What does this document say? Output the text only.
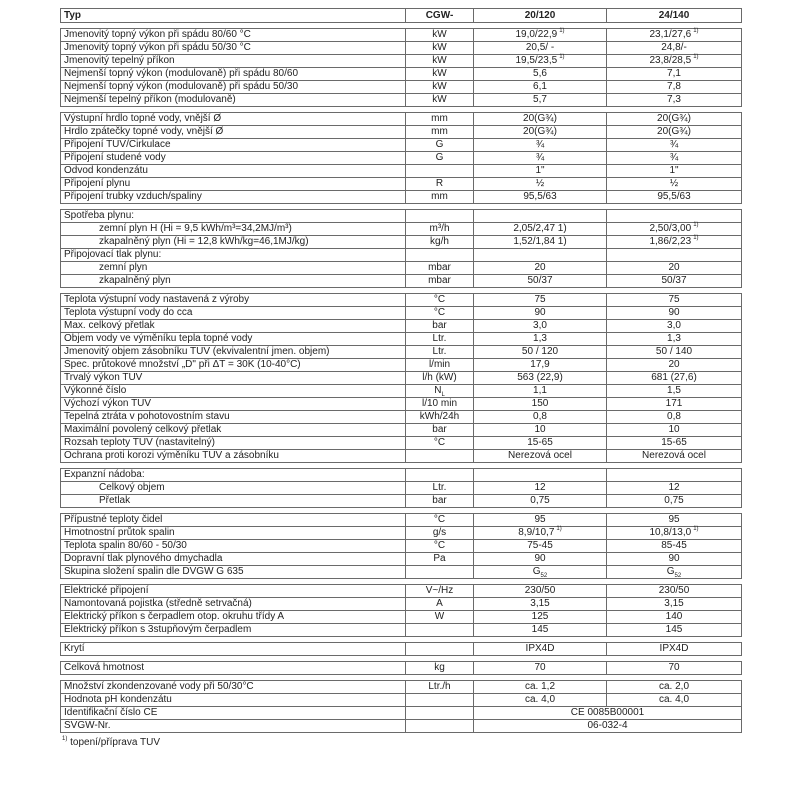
Typ	CGW-	20/120	24/140

Jmenovitý topný výkon při spádu 80/60 °C	kW	19,0/22,9 $^{1)}$	23,1/27,6 $^{1)}$
Jmenovitý topný výkon při spádu 50/30 °C	kW	20,5/ -	24,8/-
Jmenovitý tepelný příkon	kW	19,5/23,5 $^{1)}$	23,8/28,5 $^{1)}$
Nejmenší topný výkon (modulovaně) při spádu 80/60	kW	5,6	7,1
Nejmenší topný výkon (modulovaně) při spádu 50/30	kW	6,1	7,8
Nejmenší tepelný příkon (modulovaně)	kW	5,7	7,3

Výstupní hrdlo topné vody, vnější Ø	mm	20(G¾)	20(G¾)
Hrdlo zpátečky topné vody, vnější Ø	mm	20(G¾)	20(G¾)
Připojení TUV/Cirkulace	G	¾	¾
Připojení studené vody	G	¾	¾
Odvod kondenzátu		1"	1"
Připojení plynu	R	½	½
Připojení trubky vzduch/spaliny	mm	95,5/63	95,5/63

Spotřeba plynu:			
zemní plyn H (Hi = 9,5 kWh/m³=34,2MJ/m³)	m³/h	2,05/2,47 1)	2,50/3,00 $^{1)}$
zkapalněný plyn (Hi = 12,8 kWh/kg=46,1MJ/kg)	kg/h	1,52/1,84 1)	1,86/2,23 $^{1)}$
Připojovací tlak plynu:			
zemní plyn	mbar	20	20
zkapalněný plyn	mbar	50/37	50/37

Teplota výstupní vody nastavená z výroby	°C	75	75
Teplota výstupní vody do cca	°C	90	90
Max. celkový přetlak	bar	3,0	3,0
Objem vody ve výměníku tepla topné vody	Ltr.	1,3	1,3
Jmenovitý objem zásobníku TUV (ekvivalentní jmen. objem)	Ltr.	50 / 120	50 / 140
Spec. průtokové množství „D" při ΔT = 30K (10-40°C)	l/min	17,9	20
Trvalý výkon TUV	l/h (kW)	563 (22,9)	681 (27,6)
Výkonné číslo	$N_L$	1,1	1,5
Výchozí výkon TUV	l/10 min	150	171
Tepelná ztráta v pohotovostním stavu	kWh/24h	0,8	0,8
Maximální povolený celkový přetlak	bar	10	10
Rozsah teploty TUV (nastavitelný)	°C	15-65	15-65
Ochrana proti korozi výměníku TUV a zásobníku		Nerezová ocel	Nerezová ocel

Expanzní nádoba:			
Celkový objem	Ltr.	12	12
Přetlak	bar	0,75	0,75

Přípustné teploty čidel	°C	95	95
Hmotnostní průtok spalin	g/s	8,9/10,7 $^{1)}$	10,8/13,0 $^{1)}$
Teplota spalin 80/60 - 50/30	°C	75-45	85-45
Dopravní tlak plynového dmychadla	Pa	90	90
Skupina složení spalin dle DVGW G 635		$G_{52}$	$G_{52}$

Elektrické připojení	V~/Hz	230/50	230/50
Namontovaná pojistka (středně setrvačná)	A	3,15	3,15
Elektrický příkon s čerpadlem otop. okruhu třídy A	W	125	140
Elektrický příkon s 3stupňovým čerpadlem		145	145

Krytí		IPX4D	IPX4D

Celková hmotnost	kg	70	70

Množství zkondenzované vody při 50/30°C	Ltr./h	ca. 1,2	ca. 2,0
Hodnota pH kondenzátu		ca. 4,0	ca. 4,0
Identifikační číslo CE		CE 0085B00001	
SVGW-Nr.		06-032-4	
$^{1)}$ topení/příprava TUV
